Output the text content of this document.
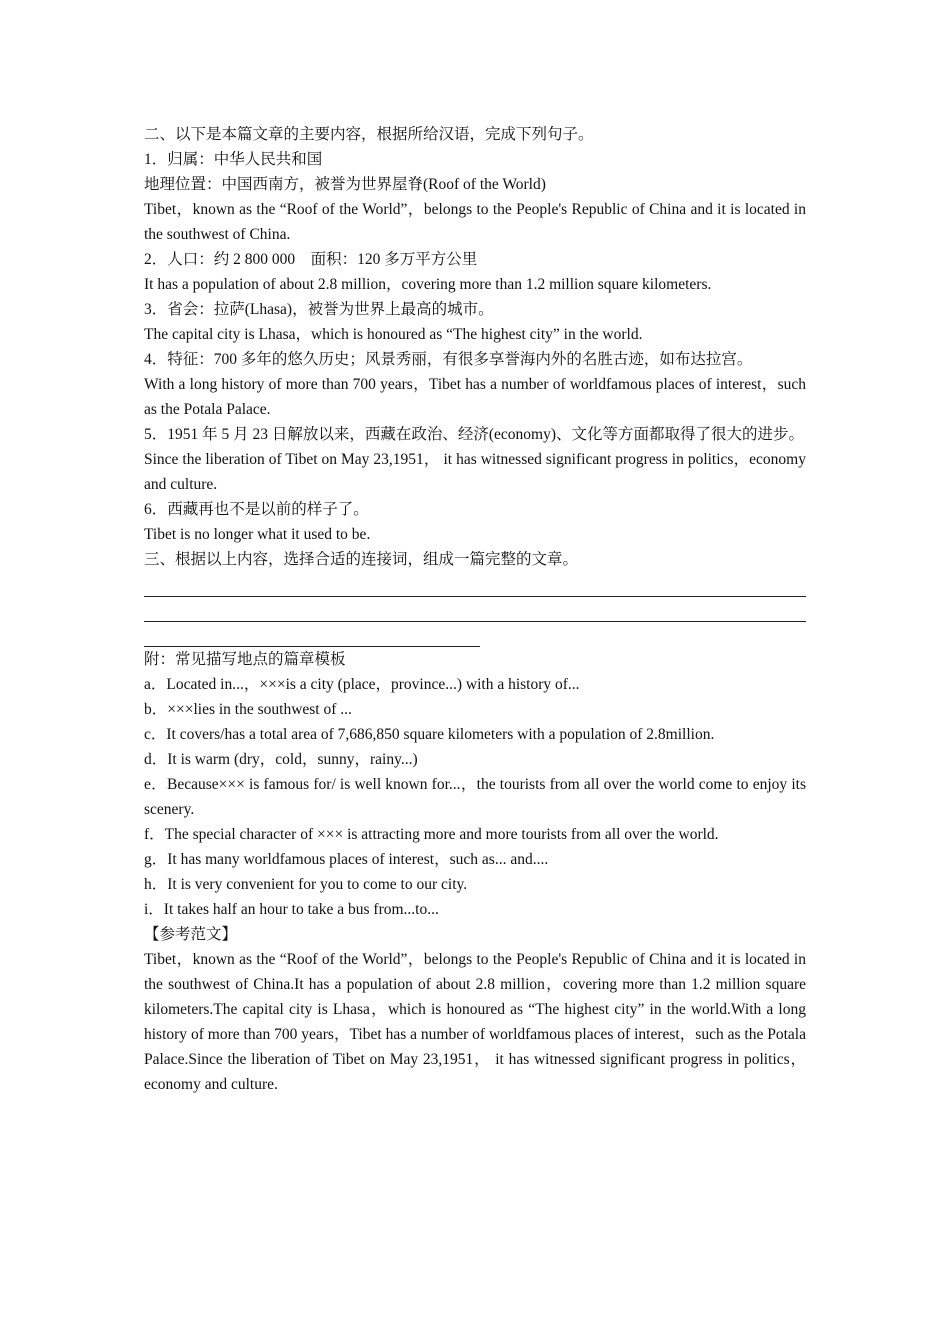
二、以下是本篇文章的主要内容，根据所给汉语，完成下列句子。

1．归属：中华人民共和国

地理位置：中国西南方，被誉为世界屋脊(Roof of the World)

Tibet，known as the “Roof of the World”，belongs to the People's Republic of China and it is located in the southwest of China.

2．人口：约 2 800 000　面积：120 多万平方公里

It has a population of about 2.8 million，covering more than 1.2 million square kilometers.

3．省会：拉萨(Lhasa)，被誉为世界上最高的城市。

The capital city is Lhasa，which is honoured as “The highest city” in the world.

4．特征：700 多年的悠久历史；风景秀丽，有很多享誉海内外的名胜古迹，如布达拉宫。

With a long history of more than 700 years，Tibet has a number of worldfamous places of interest，such as the Potala Palace.

5．1951 年 5 月 23 日解放以来，西藏在政治、经济(economy)、文化等方面都取得了很大的进步。

Since the liberation of Tibet on May 23,1951， it has witnessed significant progress in politics，economy and culture.

6．西藏再也不是以前的样子了。

Tibet is no longer what it used to be.

三、根据以上内容，选择合适的连接词，组成一篇完整的文章。

附：常见描写地点的篇章模板

a．Located in...，×××is a city (place，province...) with a history of...

b．×××lies in the southwest of ...

c．It covers/has a total area of 7,686,850 square kilometers with a population of 2.8million.

d．It is warm (dry，cold，sunny，rainy...)

e．Because××× is famous for/ is well known for...，the tourists from all over the world come to enjoy its scenery.

f．The special character of ××× is attracting more and more tourists from all over the world.

g．It has many worldfamous places of interest，such as... and....

h．It is very convenient for you to come to our city.

i．It takes half an hour to take a bus from...to...

【参考范文】

Tibet，known as the “Roof of the World”，belongs to the People's Republic of China and it is located in the southwest of China.It has a population of about 2.8 million，covering more than 1.2 million square kilometers.The capital city is Lhasa，which is honoured as “The highest city” in the world.With a long history of more than 700 years，Tibet has a number of worldfamous places of interest，such as the Potala Palace.Since the liberation of Tibet on May 23,1951， it has witnessed significant progress in politics，economy and culture.
